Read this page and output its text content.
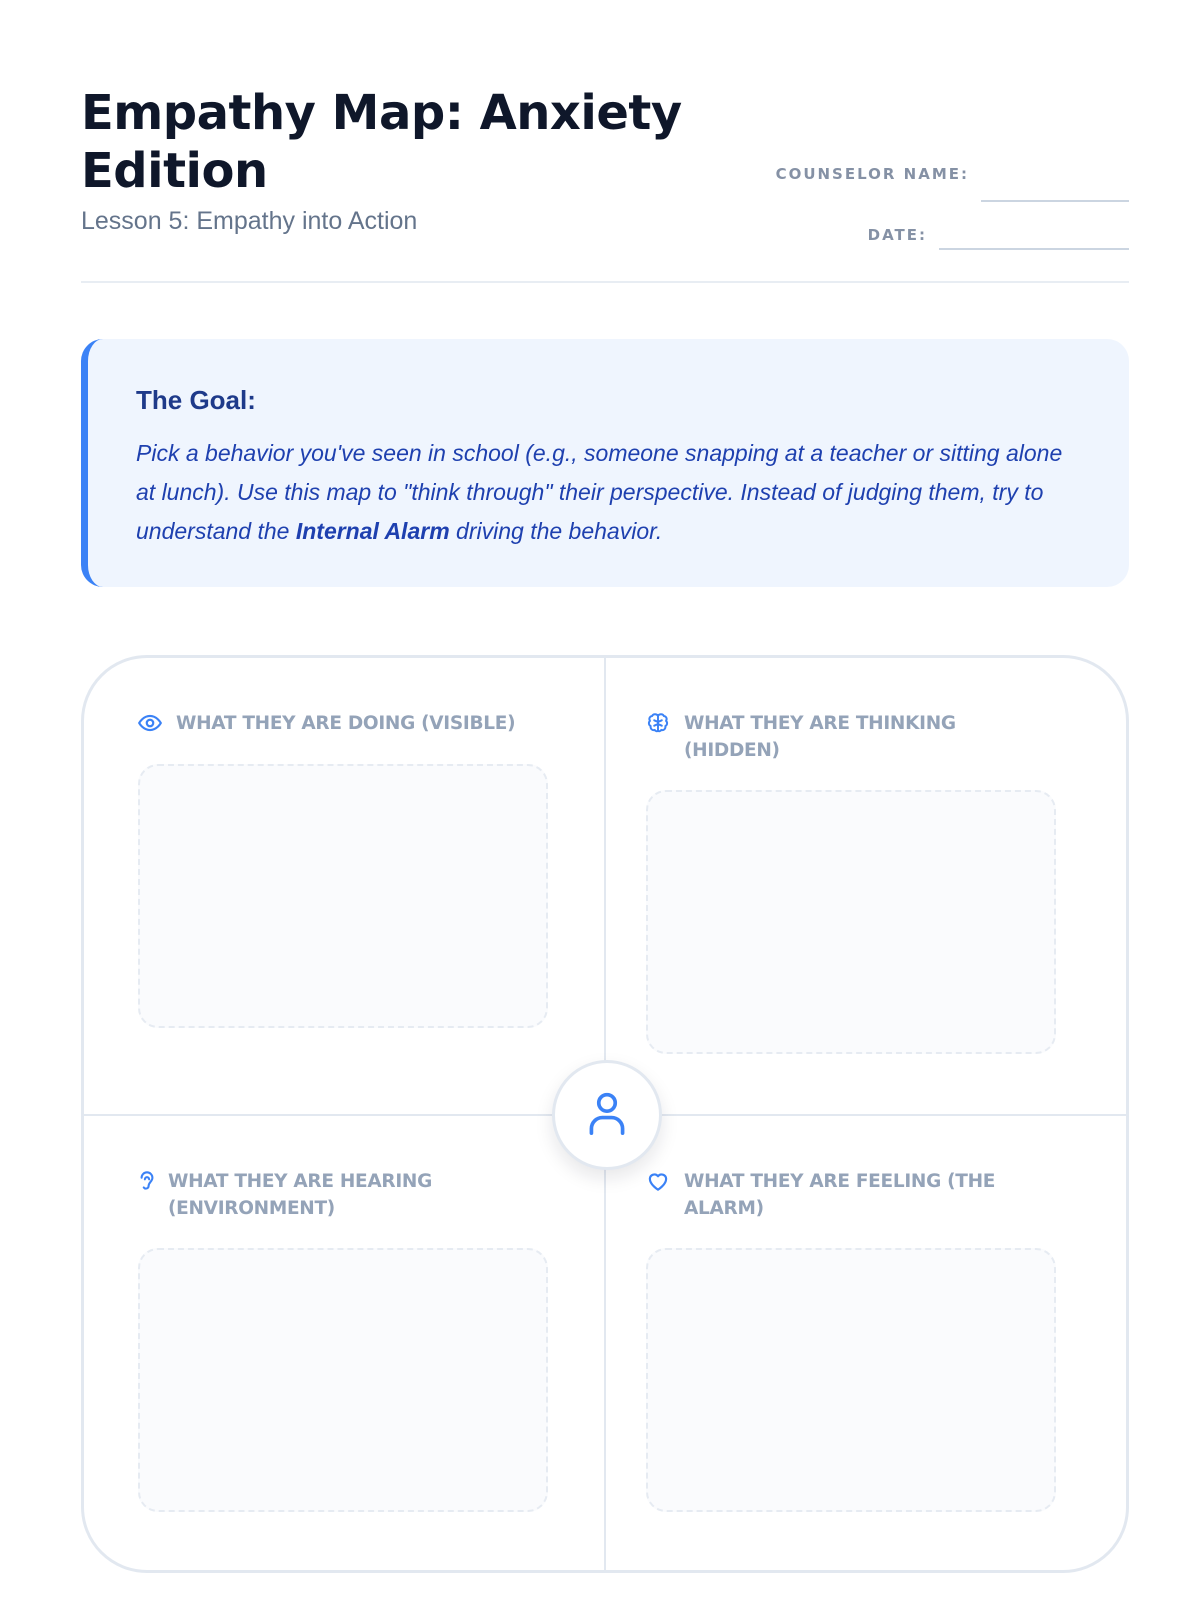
Empathy Map: Anxiety Edition
Lesson 5: Empathy into Action
COUNSELOR NAME:
DATE:
The Goal:
Pick a behavior you've seen in school (e.g., someone snapping at a teacher or sitting alone at lunch). Use this map to "think through" their perspective. Instead of judging them, try to understand the Internal Alarm driving the behavior.
WHAT THEY ARE DOING (VISIBLE)	WHAT THEY ARE THINKING (HIDDEN)
WHAT THEY ARE HEARING (ENVIRONMENT)
WHAT THEY ARE FEELING (THE ALARM)
